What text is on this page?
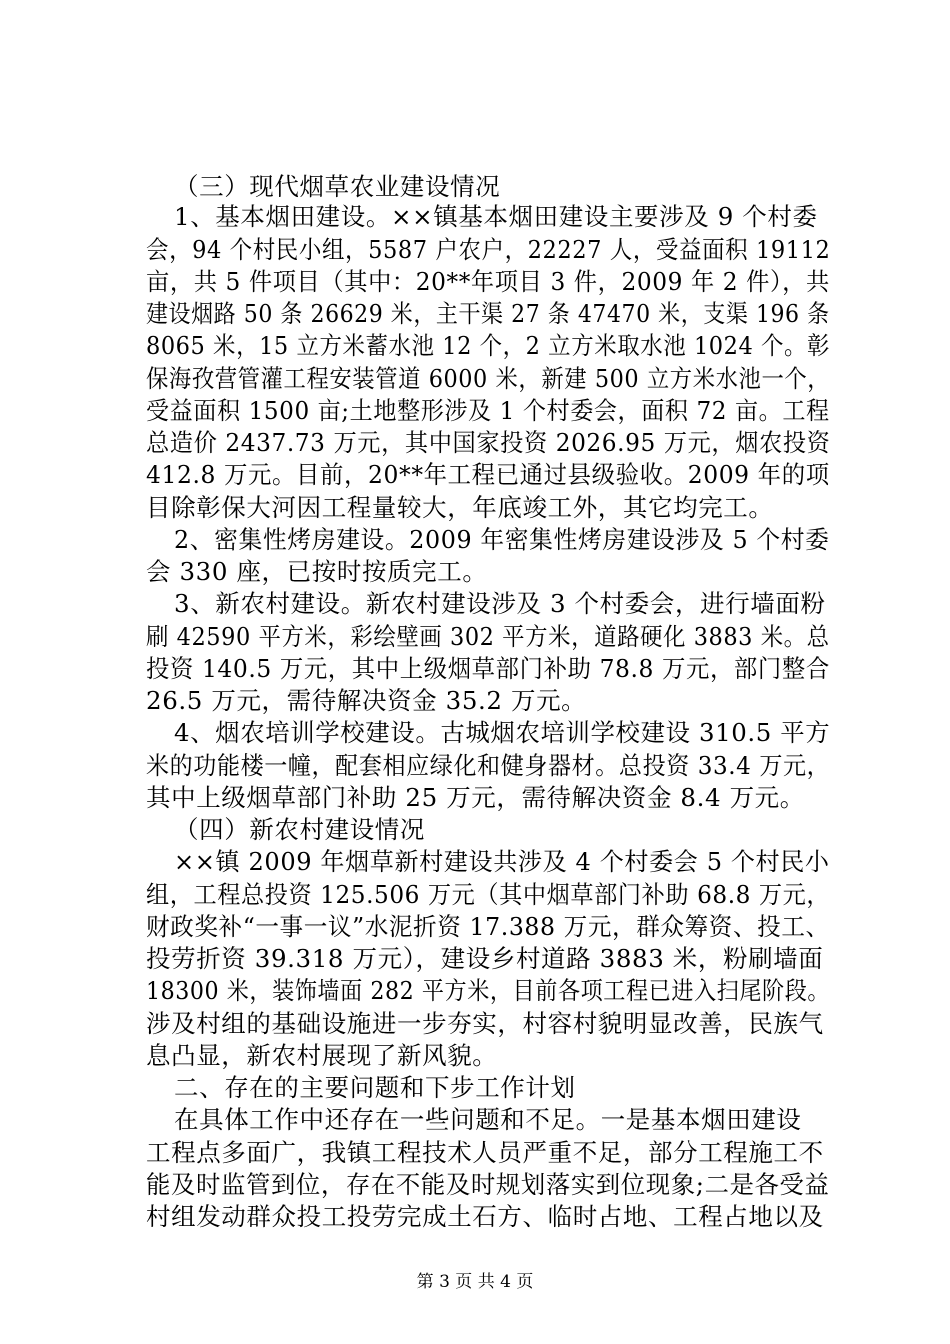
（三）现代烟草农业建设情况
1、基本烟田建设。××镇基本烟田建设主要涉及 9 个村委
会，94 个村民小组，5587 户农户，22227 人，受益面积 19112
亩，共 5 件项目（其中：20**年项目 3 件，2009 年 2 件），共
建设烟路 50 条 26629 米，主干渠 27 条 47470 米，支渠 196 条
8065 米，15 立方米蓄水池 12 个，2 立方米取水池 1024 个。彰
保海孜营管灌工程安装管道 6000 米，新建 500 立方米水池一个，
受益面积 1500 亩;土地整形涉及 1 个村委会，面积 72 亩。工程
总造价 2437.73 万元，其中国家投资 2026.95 万元，烟农投资
412.8 万元。目前，20**年工程已通过县级验收。2009 年的项
目除彰保大河因工程量较大，年底竣工外，其它均完工。
2、密集性烤房建设。2009 年密集性烤房建设涉及 5 个村委
会 330 座，已按时按质完工。
3、新农村建设。新农村建设涉及 3 个村委会，进行墙面粉
刷 42590 平方米，彩绘壁画 302 平方米，道路硬化 3883 米。总
投资 140.5 万元，其中上级烟草部门补助 78.8 万元，部门整合
26.5 万元，需待解决资金 35.2 万元。
4、烟农培训学校建设。古城烟农培训学校建设 310.5 平方
米的功能楼一幢，配套相应绿化和健身器材。总投资 33.4 万元，
其中上级烟草部门补助 25 万元，需待解决资金 8.4 万元。
（四）新农村建设情况
××镇 2009 年烟草新村建设共涉及 4 个村委会 5 个村民小
组，工程总投资 125.506 万元（其中烟草部门补助 68.8 万元，
财政奖补“一事一议”水泥折资 17.388 万元，群众筹资、投工、
投劳折资 39.318 万元），建设乡村道路 3883 米，粉刷墙面
18300 米，装饰墙面 282 平方米，目前各项工程已进入扫尾阶段。
涉及村组的基础设施进一步夯实，村容村貌明显改善，民族气
息凸显，新农村展现了新风貌。
二、存在的主要问题和下步工作计划
在具体工作中还存在一些问题和不足。一是基本烟田建设
工程点多面广，我镇工程技术人员严重不足，部分工程施工不
能及时监管到位，存在不能及时规划落实到位现象;二是各受益
村组发动群众投工投劳完成土石方、临时占地、工程占地以及
第 3 页 共 4 页
